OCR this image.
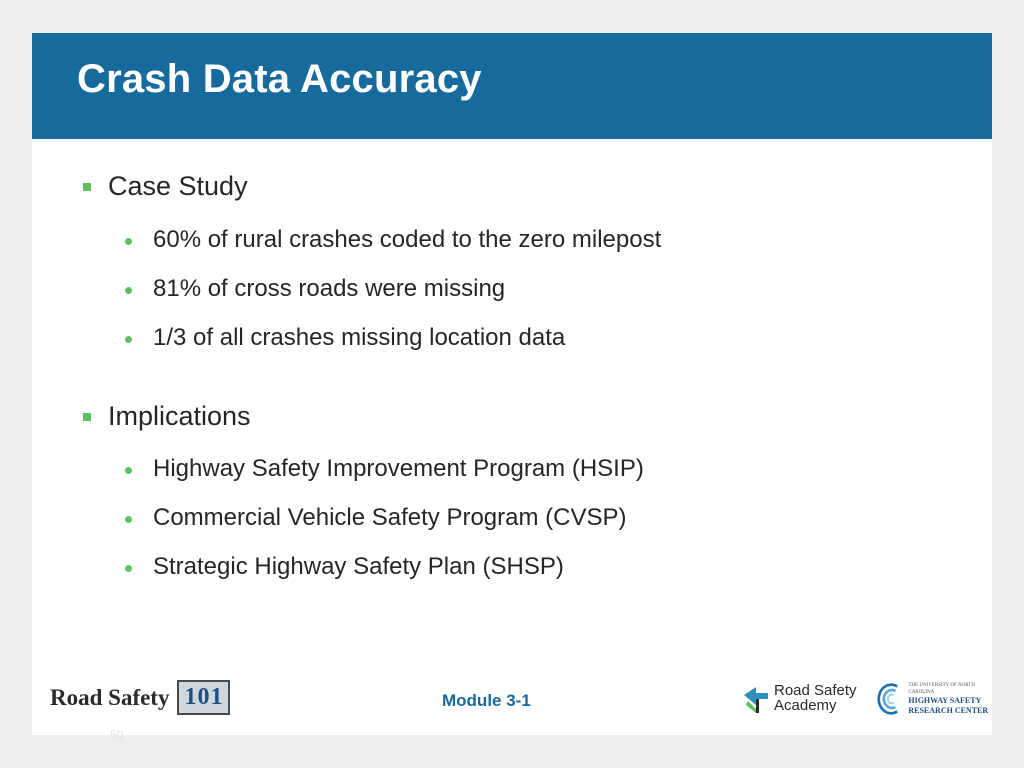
Crash Data Accuracy
Case Study
60% of rural crashes coded to the zero milepost
81% of cross roads were missing
1/3 of all crashes missing location data
Implications
Highway Safety Improvement Program (HSIP)
Commercial Vehicle Safety Program (CVSP)
Strategic Highway Safety Plan (SHSP)
Road Safety 101	Module 3-1
Road Safety
Academy
THE UNIVERSITY OF NORTH CAROLINA
HIGHWAY SAFETY
RESEARCH CENTER
50
